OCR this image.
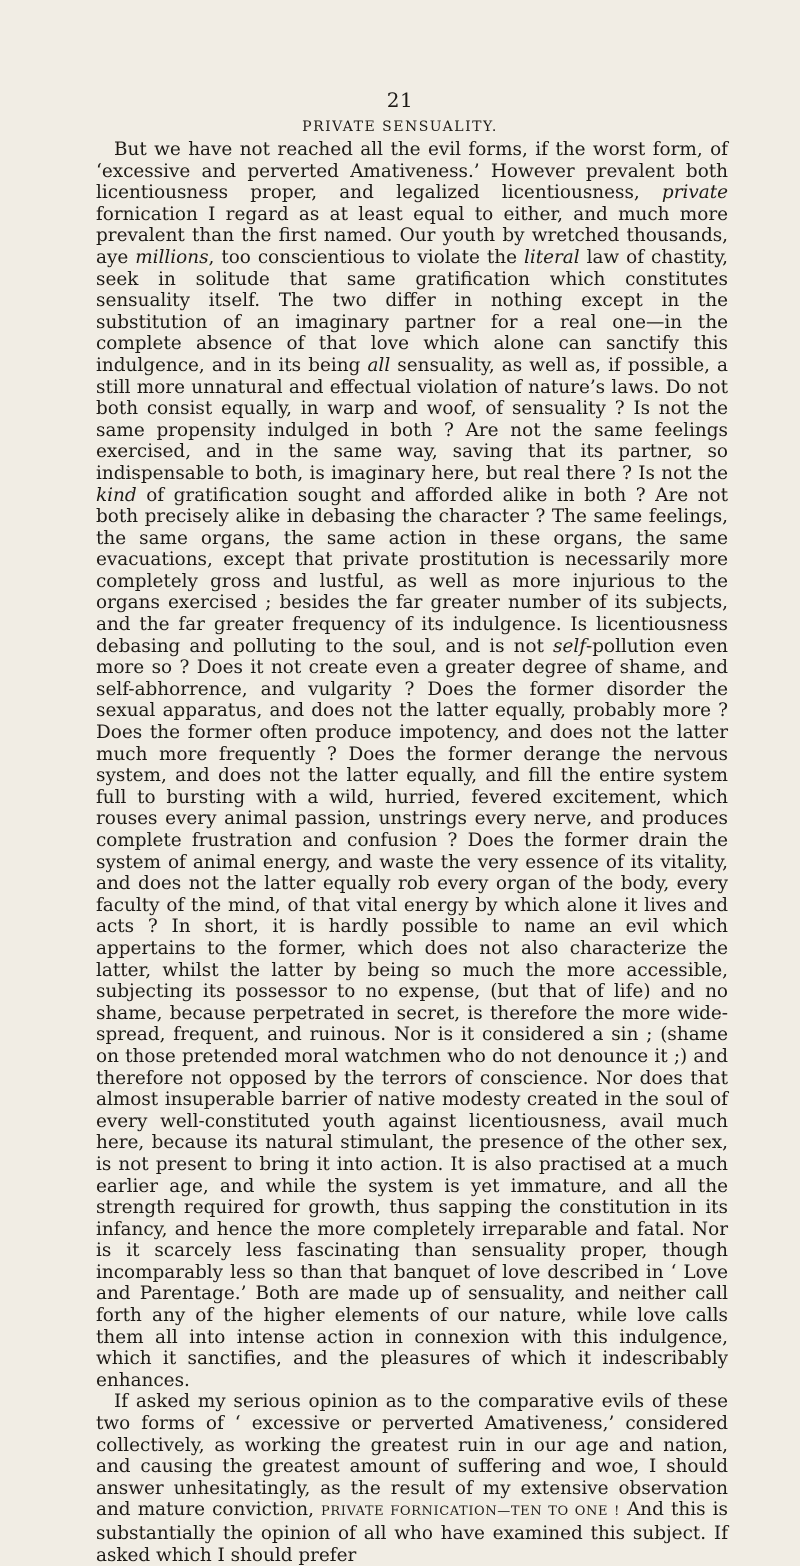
21
PRIVATE SENSUALITY.

But we have not reached all the evil forms, if the worst form, of ‘excessive and perverted Amativeness.’ However prevalent both licentiousness proper, and legalized licentiousness, private fornication I regard as at least equal to either, and much more prevalent than the first named. Our youth by wretched thousands, aye millions, too conscientious to violate the literal law of chastity, seek in solitude that same gratification which constitutes sensuality itself. The two differ in nothing except in the substitution of an imaginary partner for a real one—in the complete absence of that love which alone can sanctify this indulgence, and in its being all sensuality, as well as, if possible, a still more unnatural and effectual violation of nature’s laws. Do not both consist equally, in warp and woof, of sensuality ? Is not the same propensity indulged in both ? Are not the same feelings exercised, and in the same way, saving that its partner, so indispensable to both, is imaginary here, but real there ? Is not the kind of gratification sought and afforded alike in both ? Are not both precisely alike in debasing the character ? The same feelings, the same organs, the same action in these organs, the same evacuations, except that private prostitution is necessarily more completely gross and lustful, as well as more injurious to the organs exercised ; besides the far greater number of its subjects, and the far greater frequency of its indulgence. Is licentiousness debasing and polluting to the soul, and is not self-pollution even more so ? Does it not create even a greater degree of shame, and self-abhorrence, and vulgarity ? Does the former disorder the sexual apparatus, and does not the latter equally, probably more ? Does the former often produce impotency, and does not the latter much more frequently ? Does the former derange the nervous system, and does not the latter equally, and fill the entire system full to bursting with a wild, hurried, fevered excitement, which rouses every animal passion, unstrings every nerve, and produces complete frustration and confusion ? Does the former drain the system of animal energy, and waste the very essence of its vitality, and does not the latter equally rob every organ of the body, every faculty of the mind, of that vital energy by which alone it lives and acts ? In short, it is hardly possible to name an evil which appertains to the former, which does not also characterize the latter, whilst the latter by being so much the more accessible, subjecting its possessor to no expense, (but that of life) and no shame, because perpetrated in secret, is therefore the more wide-spread, frequent, and ruinous. Nor is it considered a sin ; (shame on those pretended moral watchmen who do not denounce it ;) and therefore not opposed by the terrors of conscience. Nor does that almost insuperable barrier of native modesty created in the soul of every well-constituted youth against licentiousness, avail much here, because its natural stimulant, the presence of the other sex, is not present to bring it into action. It is also practised at a much earlier age, and while the system is yet immature, and all the strength required for growth, thus sapping the constitution in its infancy, and hence the more completely irreparable and fatal. Nor is it scarcely less fascinating than sensuality proper, though incomparably less so than that banquet of love described in ‘ Love and Parentage.’ Both are made up of sensuality, and neither call forth any of the higher elements of our nature, while love calls them all into intense action in connexion with this indulgence, which it sanctifies, and the pleasures of which it indescribably enhances.

If asked my serious opinion as to the comparative evils of these two forms of ‘ excessive or perverted Amativeness,’ considered collectively, as working the greatest ruin in our age and nation, and causing the greatest amount of suffering and woe, I should answer unhesitatingly, as the result of my extensive observation and mature conviction, PRIVATE FORNICATION—TEN TO ONE ! And this is substantially the opinion of all who have examined this subject. If asked which I should prefer
